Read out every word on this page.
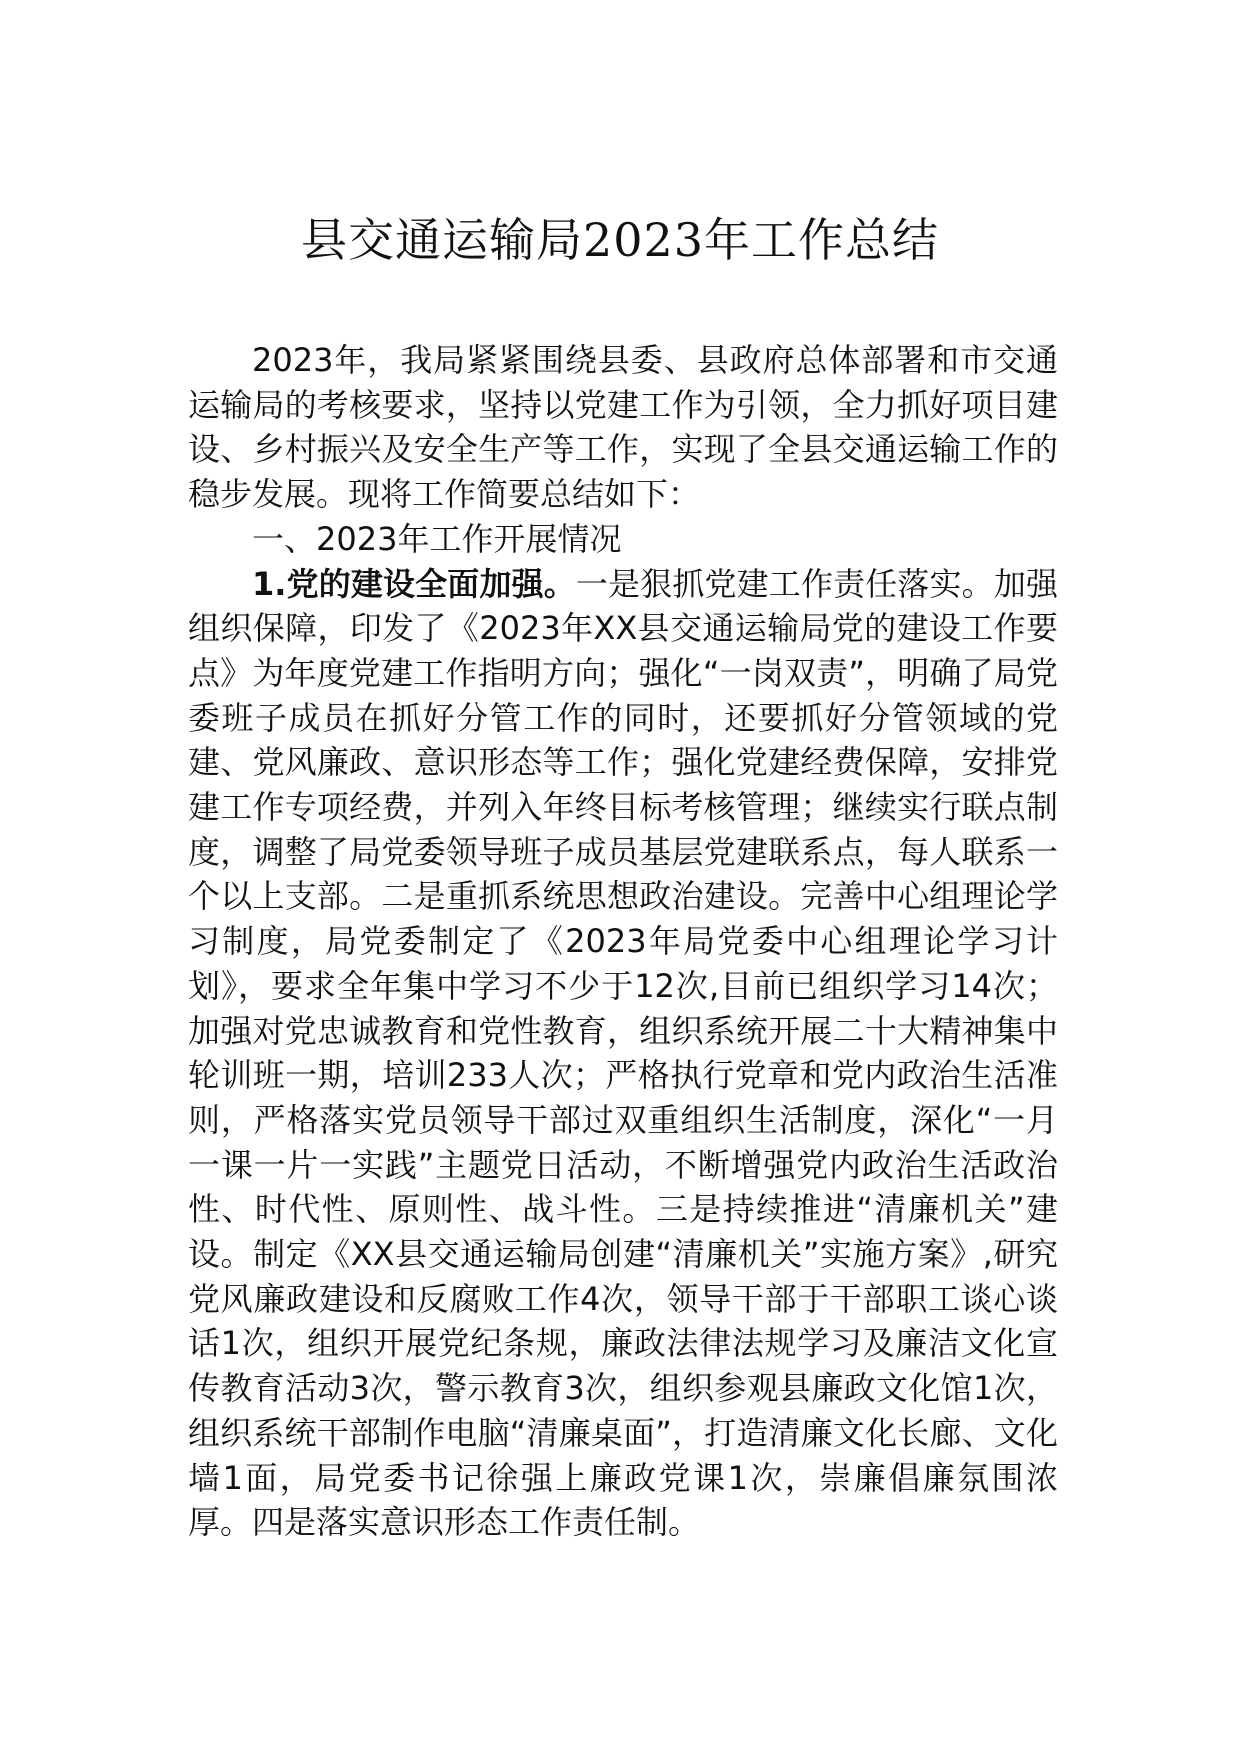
县交通运输局2023年工作总结

2023年，我局紧紧围绕县委、县政府总体部署和市交通运输局的考核要求，坚持以党建工作为引领，全力抓好项目建设、乡村振兴及安全生产等工作，实现了全县交通运输工作的稳步发展。现将工作简要总结如下：

一、2023年工作开展情况

1.党的建设全面加强。一是狠抓党建工作责任落实。加强组织保障，印发了《2023年XX县交通运输局党的建设工作要点》为年度党建工作指明方向；强化“一岗双责”，明确了局党委班子成员在抓好分管工作的同时，还要抓好分管领域的党建、党风廉政、意识形态等工作；强化党建经费保障，安排党建工作专项经费，并列入年终目标考核管理；继续实行联点制度，调整了局党委领导班子成员基层党建联系点，每人联系一个以上支部。二是重抓系统思想政治建设。完善中心组理论学习制度，局党委制定了《2023年局党委中心组理论学习计划》，要求全年集中学习不少于12次,目前已组织学习14次；加强对党忠诚教育和党性教育，组织系统开展二十大精神集中轮训班一期，培训233人次；严格执行党章和党内政治生活准则，严格落实党员领导干部过双重组织生活制度，深化“一月一课一片一实践”主题党日活动，不断增强党内政治生活政治性、时代性、原则性、战斗性。三是持续推进“清廉机关”建设。制定《XX县交通运输局创建“清廉机关”实施方案》,研究党风廉政建设和反腐败工作4次，领导干部于干部职工谈心谈话1次，组织开展党纪条规，廉政法律法规学习及廉洁文化宣传教育活动3次，警示教育3次，组织参观县廉政文化馆1次，组织系统干部制作电脑“清廉桌面”，打造清廉文化长廊、文化墙1面，局党委书记徐强上廉政党课1次，崇廉倡廉氛围浓厚。四是落实意识形态工作责任制。
